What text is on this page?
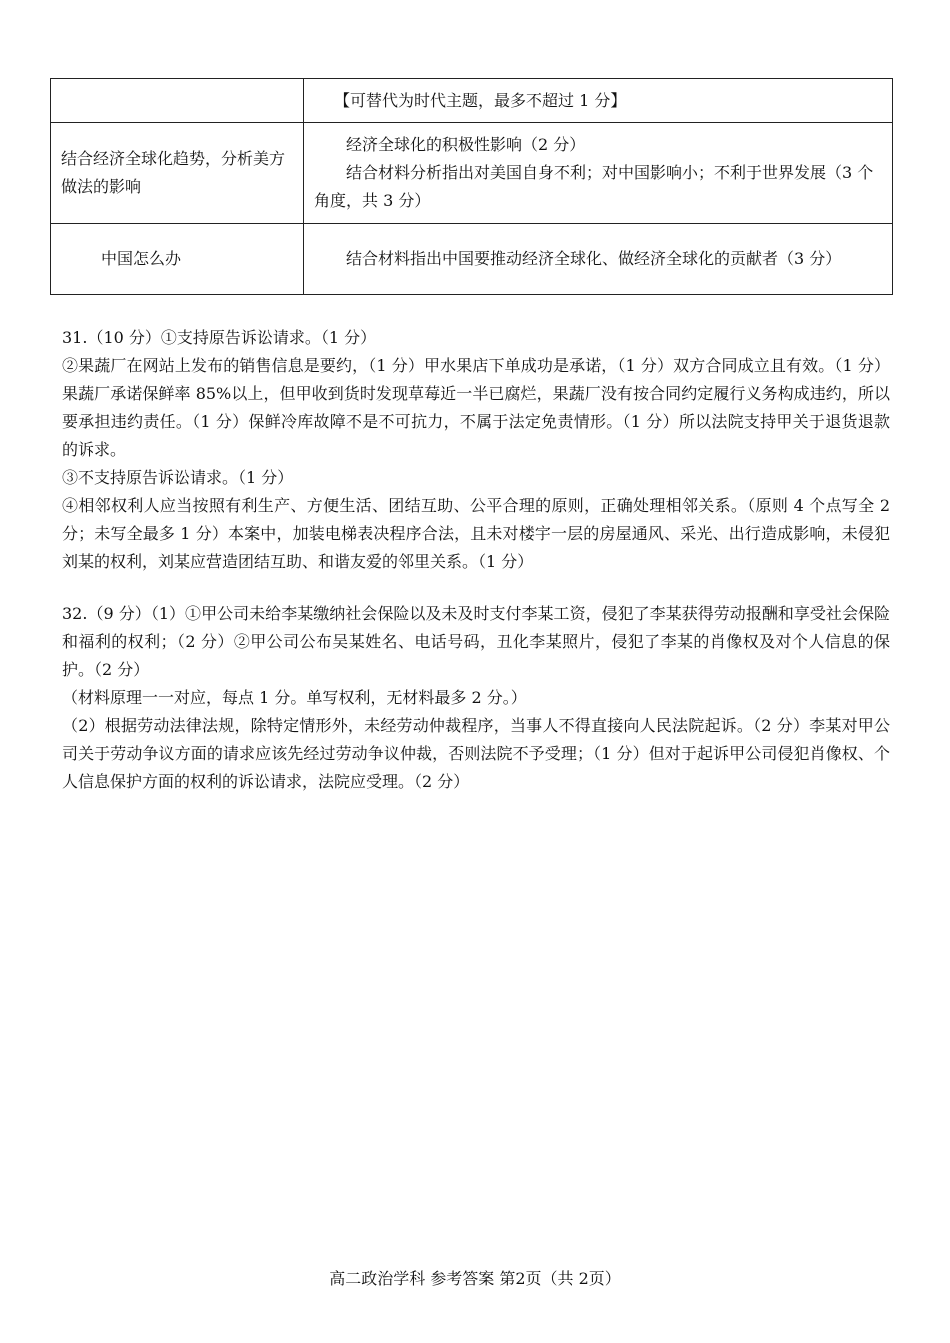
	【可替代为时代主题，最多不超过 1 分】

结合经济全球化趋势，分析美方做法的影响	经济全球化的积极性影响（2 分）
结合材料分析指出对美国自身不利；对中国影响小；不利于世界发展（3 个角度，共 3 分）

中国怎么办	结合材料指出中国要推动经济全球化、做经济全球化的贡献者（3 分）

31.（10 分）①支持原告诉讼请求。（1 分）

②果蔬厂在网站上发布的销售信息是要约，（1 分）甲水果店下单成功是承诺，（1 分）双方合同成立且有效。（1 分）果蔬厂承诺保鲜率 85%以上，但甲收到货时发现草莓近一半已腐烂，果蔬厂没有按合同约定履行义务构成违约，所以要承担违约责任。（1 分）保鲜冷库故障不是不可抗力，不属于法定免责情形。（1 分）所以法院支持甲关于退货退款的诉求。

③不支持原告诉讼请求。（1 分）

④相邻权利人应当按照有利生产、方便生活、团结互助、公平合理的原则，正确处理相邻关系。（原则 4 个点写全 2 分；未写全最多 1 分）本案中，加装电梯表决程序合法，且未对楼宇一层的房屋通风、采光、出行造成影响，未侵犯刘某的权利，刘某应营造团结互助、和谐友爱的邻里关系。（1 分）

32.（9 分）（1）①甲公司未给李某缴纳社会保险以及未及时支付李某工资，侵犯了李某获得劳动报酬和享受社会保险和福利的权利；（2 分）②甲公司公布吴某姓名、电话号码，丑化李某照片，侵犯了李某的肖像权及对个人信息的保护。（2 分）

（材料原理一一对应，每点 1 分。单写权利，无材料最多 2 分。）

（2）根据劳动法律法规，除特定情形外，未经劳动仲裁程序，当事人不得直接向人民法院起诉。（2 分）李某对甲公司关于劳动争议方面的请求应该先经过劳动争议仲裁，否则法院不予受理；（1 分）但对于起诉甲公司侵犯肖像权、个人信息保护方面的权利的诉讼请求，法院应受理。（2 分）

高二政治学科 参考答案 第2页（共 2页）
